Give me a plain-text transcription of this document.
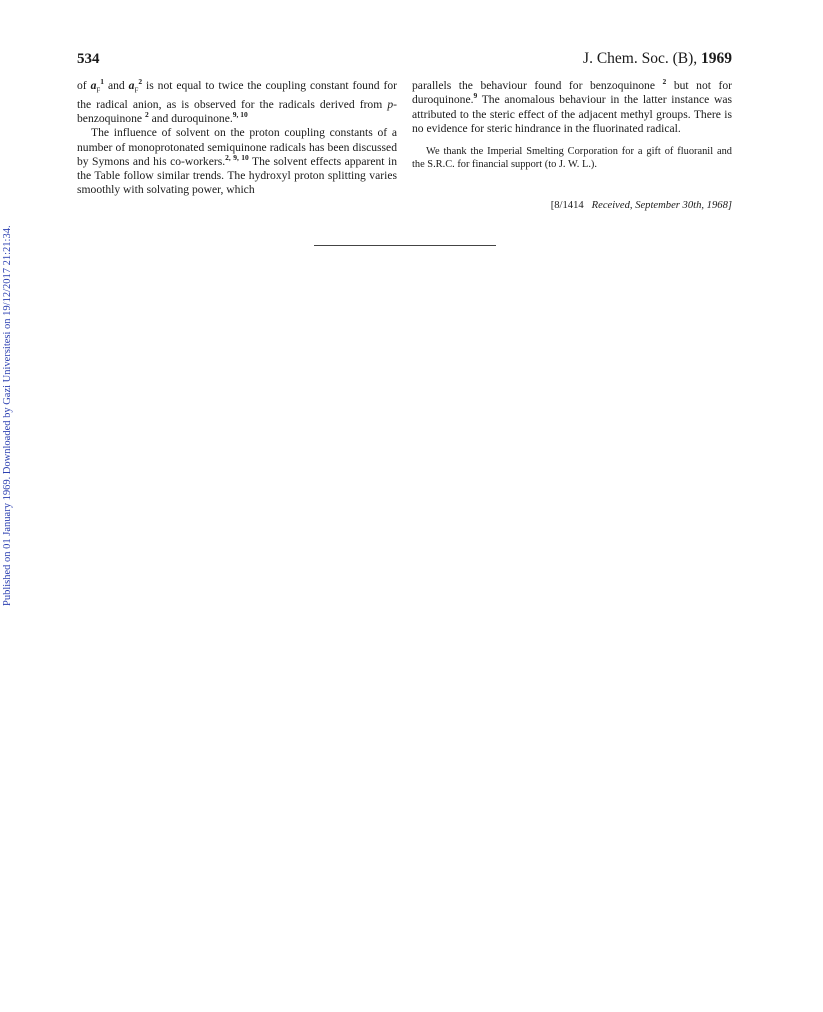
534	J. Chem. Soc. (B), 1969

of $a_F^1$ and $a_F^2$ is not equal to twice the coupling constant found for the radical anion, as is observed for the radicals derived from p-benzoquinone $^2$ and duroquinone.$^{9, 10}$

The influence of solvent on the proton coupling constants of a number of monoprotonated semiquinone radicals has been discussed by Symons and his co-workers.$^{2, 9, 10}$ The solvent effects apparent in the Table follow similar trends. The hydroxyl proton splitting varies smoothly with solvating power, which

parallels the behaviour found for benzoquinone $^2$ but not for duroquinone.$^9$ The anomalous behaviour in the latter instance was attributed to the steric effect of the adjacent methyl groups. There is no evidence for steric hindrance in the fluorinated radical.

We thank the Imperial Smelting Corporation for a gift of fluoranil and the S.R.C. for financial support (to J. W. L.).

[8/1414 Received, September 30th, 1968]
Published on 01 January 1969. Downloaded by Gazi Universitesi on 19/12/2017 21:21:34.
